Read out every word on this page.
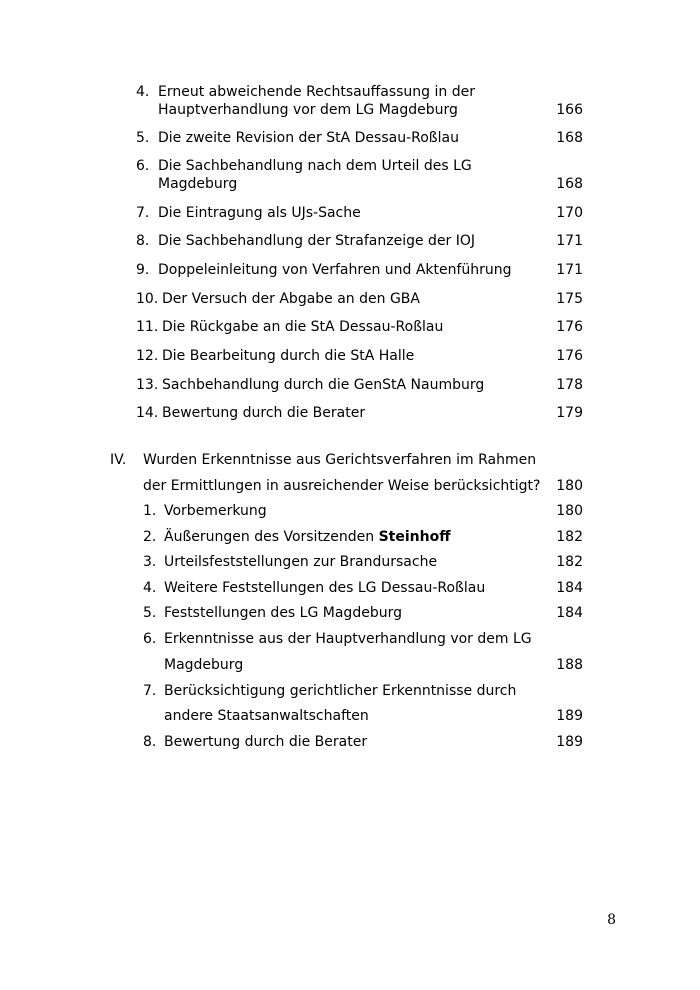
4. Erneut abweichende Rechtsauffassung in der
Hauptverhandlung vor dem LG Magdeburg	166
5. Die zweite Revision der StA Dessau-Roßlau	168
6. Die Sachbehandlung nach dem Urteil des LG
Magdeburg	168
7. Die Eintragung als UJs-Sache	170
8. Die Sachbehandlung der Strafanzeige der IOJ	171
9. Doppeleinleitung von Verfahren und Aktenführung	171
10. Der Versuch der Abgabe an den GBA	175
11. Die Rückgabe an die StA Dessau-Roßlau	176
12. Die Bearbeitung durch die StA Halle	176
13. Sachbehandlung durch die GenStA Naumburg	178
14. Bewertung durch die Berater	179
IV. Wurden Erkenntnisse aus Gerichtsverfahren im Rahmen
der Ermittlungen in ausreichender Weise berücksichtigt? 180
1. Vorbemerkung	180
2. Äußerungen des Vorsitzenden Steinhoff	182
3. Urteilsfeststellungen zur Brandursache	182
4. Weitere Feststellungen des LG Dessau-Roßlau	184
5. Feststellungen des LG Magdeburg	184
6. Erkenntnisse aus der Hauptverhandlung vor dem LG
Magdeburg	188
7. Berücksichtigung gerichtlicher Erkenntnisse durch
andere Staatsanwaltschaften	189
8. Bewertung durch die Berater	189
8
